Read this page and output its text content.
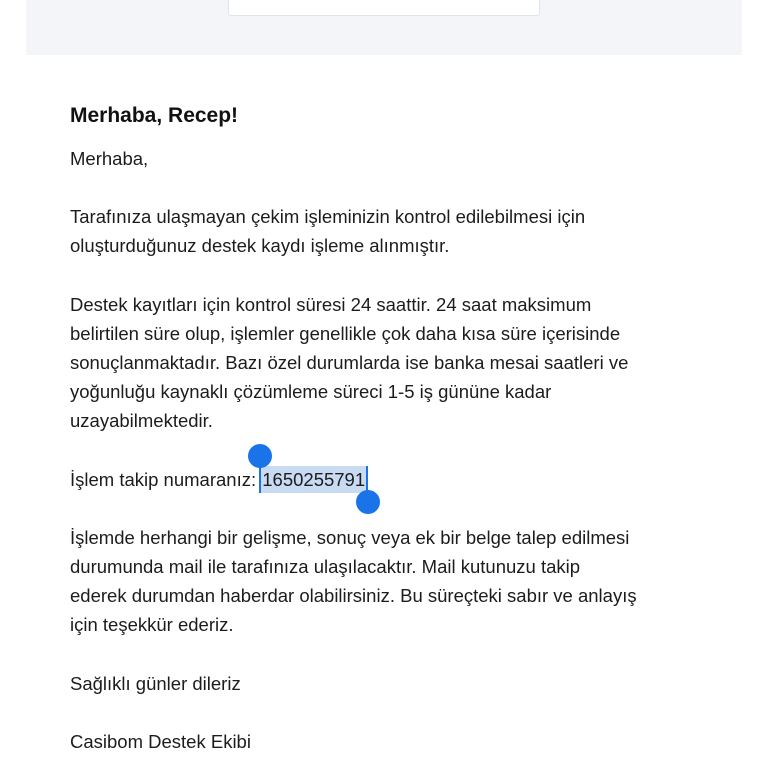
Merhaba, Recep!

Merhaba,

Tarafınıza ulaşmayan çekim işleminizin kontrol edilebilmesi için
oluşturduğunuz destek kaydı işleme alınmıştır.

Destek kayıtları için kontrol süresi 24 saattir. 24 saat maksimum
belirtilen süre olup, işlemler genellikle çok daha kısa süre içerisinde
sonuçlanmaktadır. Bazı özel durumlarda ise banka mesai saatleri ve
yoğunluğu kaynaklı çözümleme süreci 1-5 iş gününe kadar
uzayabilmektedir.

İşlem takip numaranız: 1650255791

İşlemde herhangi bir gelişme, sonuç veya ek bir belge talep edilmesi
durumunda mail ile tarafınıza ulaşılacaktır. Mail kutunuzu takip
ederek durumdan haberdar olabilirsiniz. Bu süreçteki sabır ve anlayış
için teşekkür ederiz.

Sağlıklı günler dileriz

Casibom Destek Ekibi
